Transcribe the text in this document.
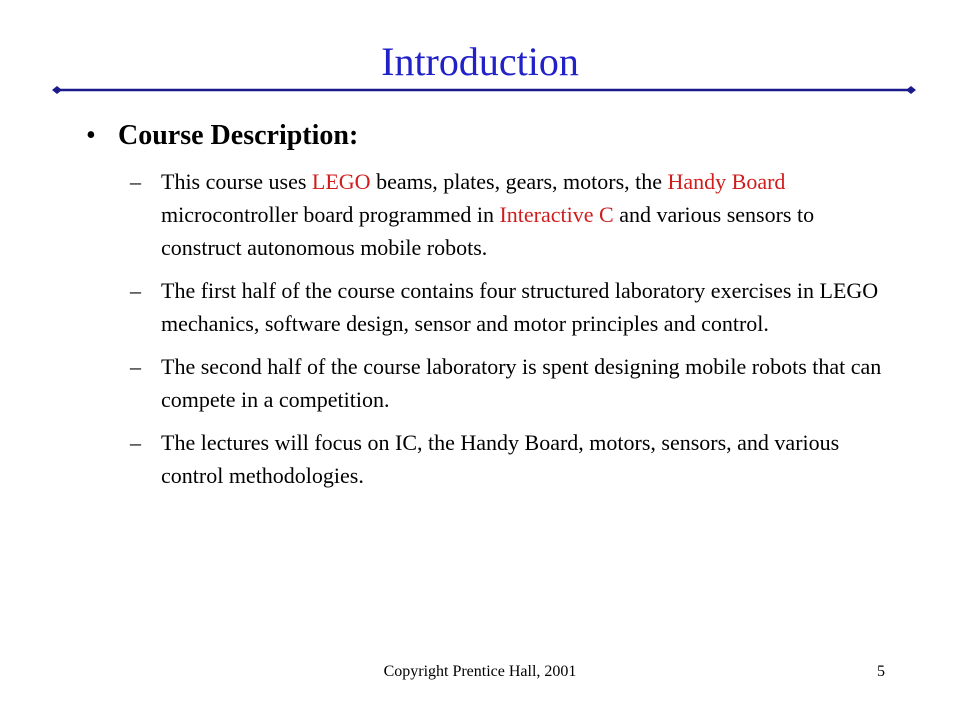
Introduction
• Course Description:
– This course uses LEGO beams, plates, gears, motors, the Handy Board microcontroller board programmed in Interactive C and various sensors to construct autonomous mobile robots.
– The first half of the course contains four structured laboratory exercises in LEGO mechanics, software design, sensor and motor principles and control.
– The second half of the course laboratory is spent designing mobile robots that can compete in a competition.
– The lectures will focus on IC, the Handy Board, motors, sensors, and various control methodologies.
Copyright Prentice Hall, 2001	5
